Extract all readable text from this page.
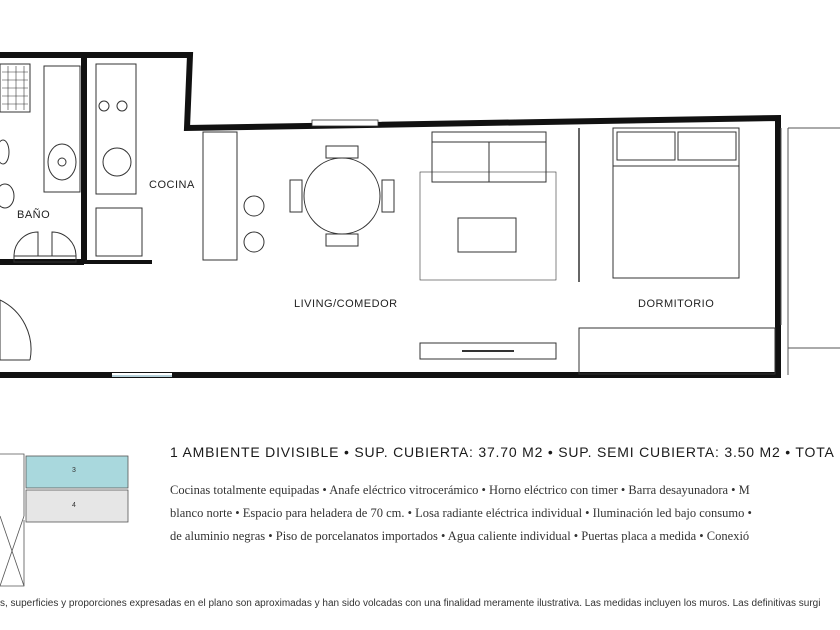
BAÑO
COCINA
LIVING/COMEDOR	DORMITORIO
3
4
1 AMBIENTE DIVISIBLE • SUP. CUBIERTA: 37.70 M2 • SUP. SEMI CUBIERTA: 3.50 M2 • TOTA
Cocinas totalmente equipadas • Anafe eléctrico vitrocerámico • Horno eléctrico con timer • Barra desayunadora • M
blanco norte • Espacio para heladera de 70 cm. • Losa radiante eléctrica individual • Iluminación led bajo consumo •
de aluminio negras • Piso de porcelanatos importados • Agua caliente individual • Puertas placa a medida • Conexió
s, superficies y proporciones expresadas en el plano son aproximadas y han sido volcadas con una finalidad meramente ilustrativa. Las medidas incluyen los muros. Las definitivas surgi
